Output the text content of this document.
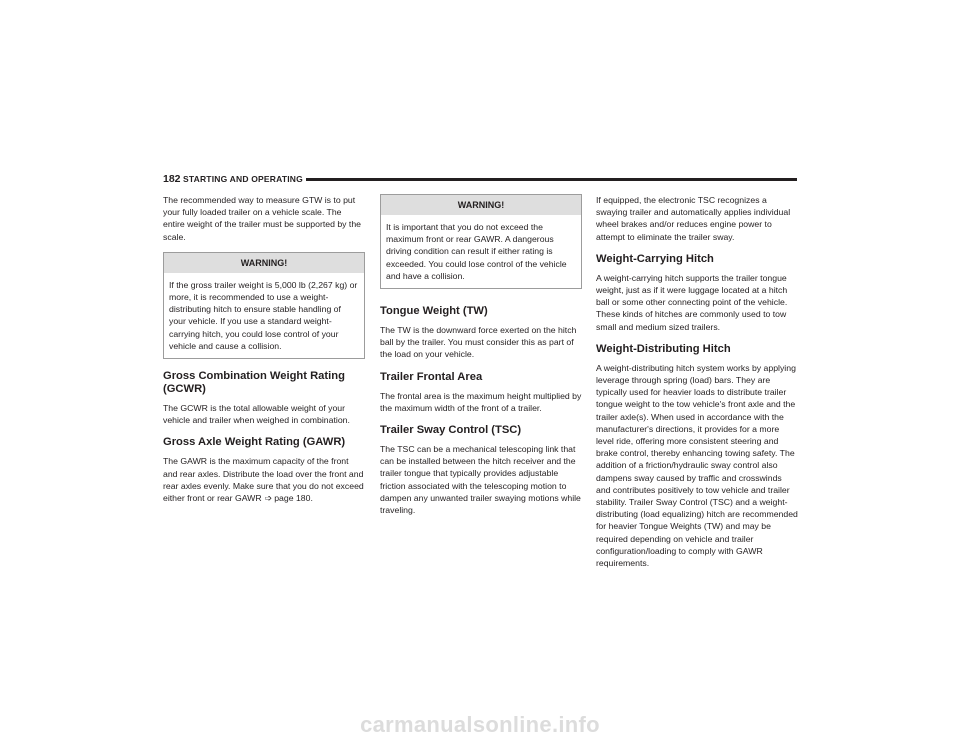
182 STARTING AND OPERATING

The recommended way to measure GTW is to put your fully loaded trailer on a vehicle scale. The entire weight of the trailer must be supported by the scale.

WARNING!
If the gross trailer weight is 5,000 lb (2,267 kg) or more, it is recommended to use a weight-distributing hitch to ensure stable handling of your vehicle. If you use a standard weight-carrying hitch, you could lose control of your vehicle and cause a collision.
Gross Combination Weight Rating (GCWR)

The GCWR is the total allowable weight of your vehicle and trailer when weighed in combination.

Gross Axle Weight Rating (GAWR)

The GAWR is the maximum capacity of the front and rear axles. Distribute the load over the front and rear axles evenly. Make sure that you do not exceed either front or rear GAWR ➩ page 180.

WARNING!
It is important that you do not exceed the maximum front or rear GAWR. A dangerous driving condition can result if either rating is exceeded. You could lose control of the vehicle and have a collision.
Tongue Weight (TW)

The TW is the downward force exerted on the hitch ball by the trailer. You must consider this as part of the load on your vehicle.

Trailer Frontal Area

The frontal area is the maximum height multiplied by the maximum width of the front of a trailer.

Trailer Sway Control (TSC)

The TSC can be a mechanical telescoping link that can be installed between the hitch receiver and the trailer tongue that typically provides adjustable friction associated with the telescoping motion to dampen any unwanted trailer swaying motions while traveling.

If equipped, the electronic TSC recognizes a swaying trailer and automatically applies individual wheel brakes and/or reduces engine power to attempt to eliminate the trailer sway.

Weight-Carrying Hitch

A weight-carrying hitch supports the trailer tongue weight, just as if it were luggage located at a hitch ball or some other connecting point of the vehicle. These kinds of hitches are commonly used to tow small and medium sized trailers.

Weight-Distributing Hitch

A weight-distributing hitch system works by applying leverage through spring (load) bars. They are typically used for heavier loads to distribute trailer tongue weight to the tow vehicle's front axle and the trailer axle(s). When used in accordance with the manufacturer's directions, it provides for a more level ride, offering more consistent steering and brake control, thereby enhancing towing safety. The addition of a friction/hydraulic sway control also dampens sway caused by traffic and crosswinds and contributes positively to tow vehicle and trailer stability. Trailer Sway Control (TSC) and a weight-distributing (load equalizing) hitch are recommended for heavier Tongue Weights (TW) and may be required depending on vehicle and trailer configuration/loading to comply with GAWR requirements.

carmanualsonline.info
